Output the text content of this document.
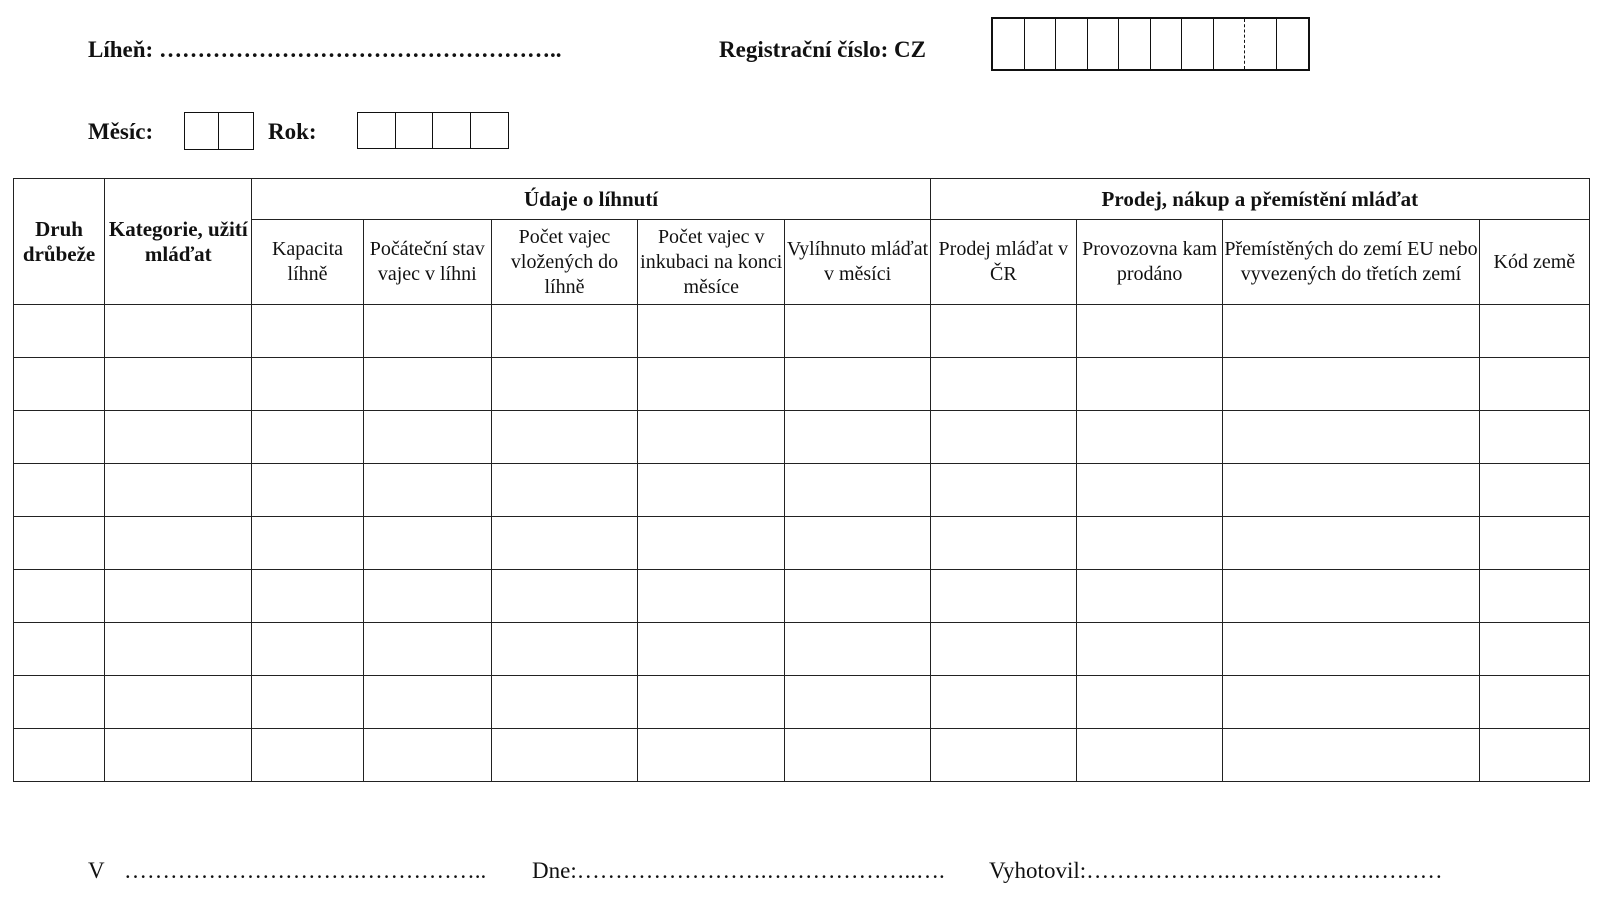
Líheň: ……………………………………………..	Registrační číslo: CZ
Měsíc:	Rok:
Druh drůbeže	Kategorie, užití mláďat	Údaje o líhnutí					Prodej, nákup a přemístění mláďat			
		Kapacita líhně	Počáteční stav vajec v líhni	Počet vajec vložených do líhně	Počet vajec v inkubaci na konci měsíce	Vylíhnuto mláďat v měsíci	Prodej mláďat v ČR	Provozovna kam prodáno	Přemístěných do zemí EU nebo vyvezených do třetích zemí	Kód země

V ………………………….…………….. Dne:…………………….………………..…. Vyhotovil:……………….……………….………
